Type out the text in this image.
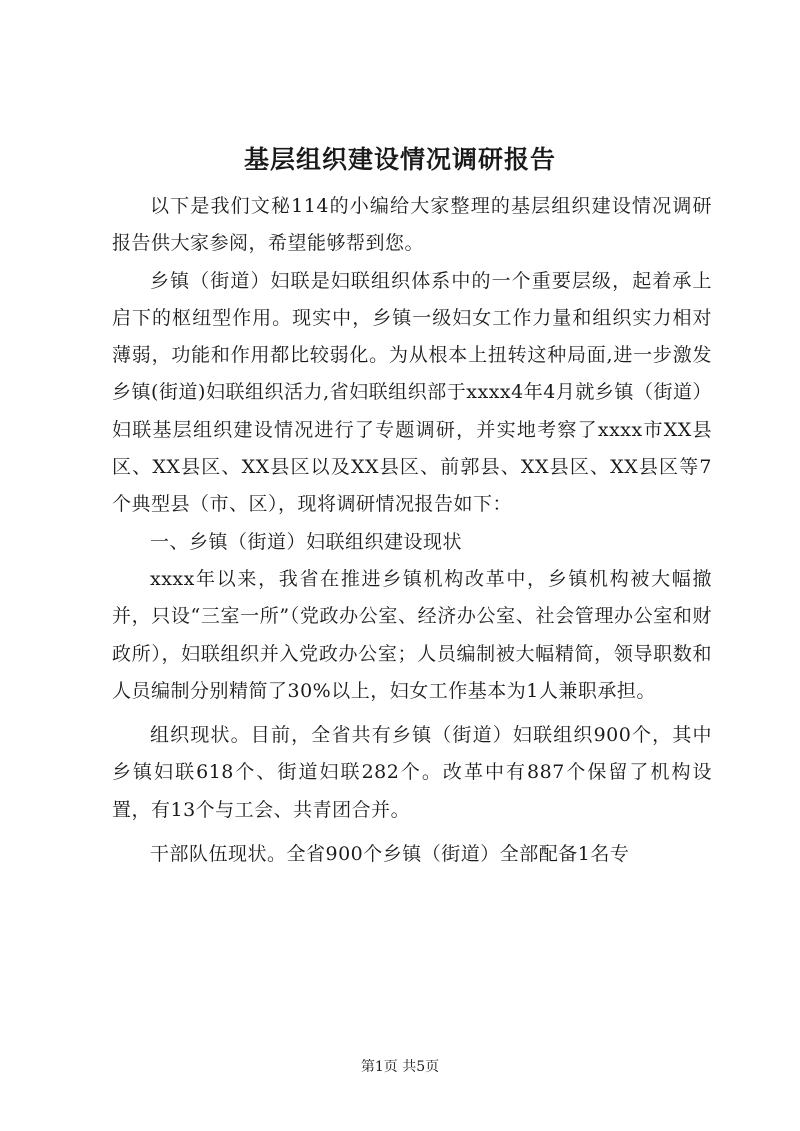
基层组织建设情况调研报告

以下是我们文秘114的小编给大家整理的基层组织建设情况调研报告供大家参阅，希望能够帮到您。

乡镇（街道）妇联是妇联组织体系中的一个重要层级，起着承上启下的枢纽型作用。现实中，乡镇一级妇女工作力量和组织实力相对薄弱，功能和作用都比较弱化。为从根本上扭转这种局面,进一步激发乡镇(街道)妇联组织活力,省妇联组织部于xxxx4年4月就乡镇（街道）妇联基层组织建设情况进行了专题调研，并实地考察了xxxx市XX县区、XX县区、XX县区以及XX县区、前郭县、XX县区、XX县区等7个典型县（市、区），现将调研情况报告如下：

一、乡镇（街道）妇联组织建设现状

xxxx年以来，我省在推进乡镇机构改革中，乡镇机构被大幅撤并，只设“三室一所”（党政办公室、经济办公室、社会管理办公室和财政所），妇联组织并入党政办公室；人员编制被大幅精简，领导职数和人员编制分别精简了30%以上，妇女工作基本为1人兼职承担。

组织现状。目前，全省共有乡镇（街道）妇联组织900个，其中乡镇妇联618个、街道妇联282个。改革中有887个保留了机构设置，有13个与工会、共青团合并。

干部队伍现状。全省900个乡镇（街道）全部配备1名专

第1页 共5页
